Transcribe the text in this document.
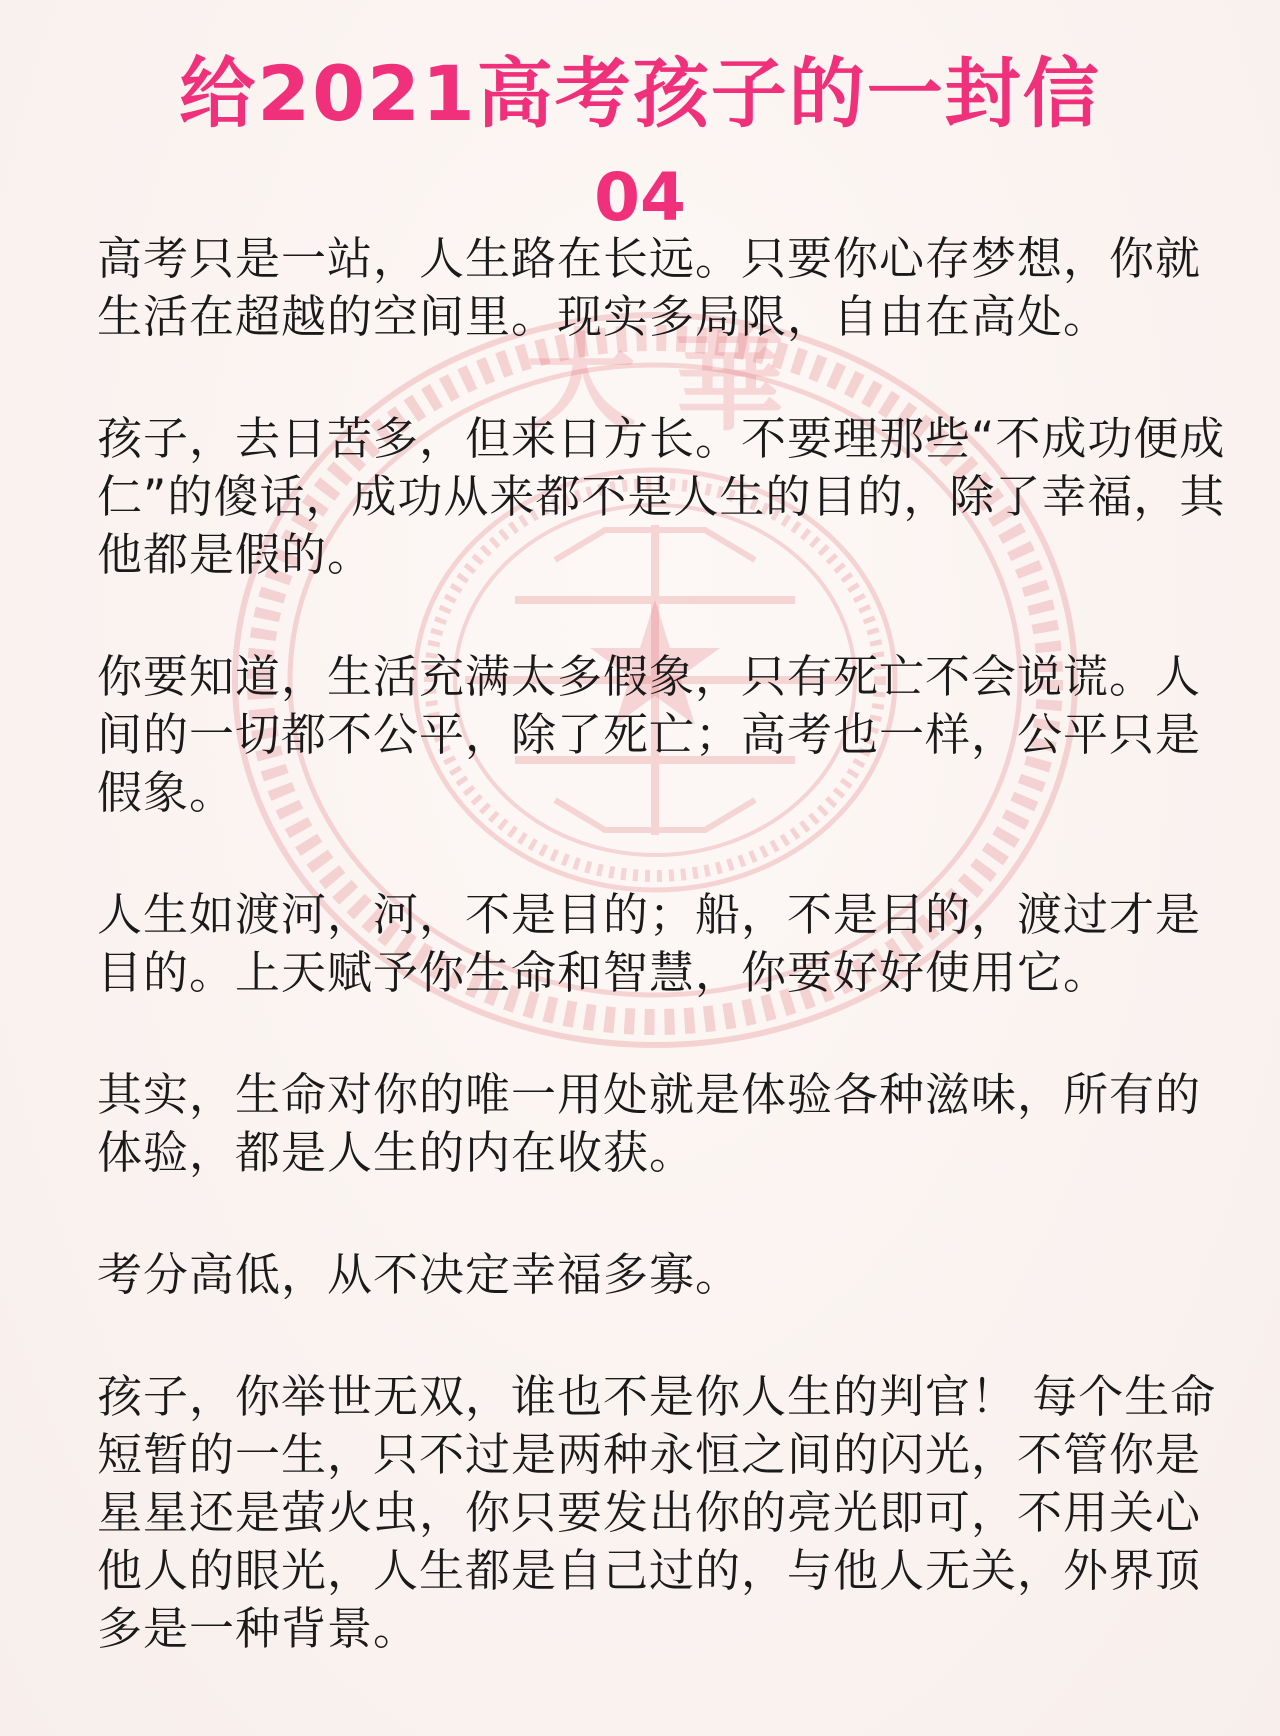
大 華
给2021高考孩子的一封信
04

高考只是一站，人生路在长远。只要你心存梦想，你就生活在超越的空间里。现实多局限，自由在高处。

孩子，去日苦多，但来日方长。不要理那些“不成功便成仁”的傻话，成功从来都不是人生的目的，除了幸福，其他都是假的。

你要知道，生活充满太多假象，只有死亡不会说谎。人间的一切都不公平，除了死亡；高考也一样，公平只是假象。

人生如渡河，河，不是目的；船，不是目的，渡过才是目的。上天赋予你生命和智慧，你要好好使用它。

其实，生命对你的唯一用处就是体验各种滋味，所有的体验，都是人生的内在收获。

考分高低，从不决定幸福多寡。

孩子，你举世无双，谁也不是你人生的判官！ 每个生命短暂的一生，只不过是两种永恒之间的闪光，不管你是星星还是萤火虫，你只要发出你的亮光即可，不用关心他人的眼光，人生都是自己过的，与他人无关，外界顶多是一种背景。
